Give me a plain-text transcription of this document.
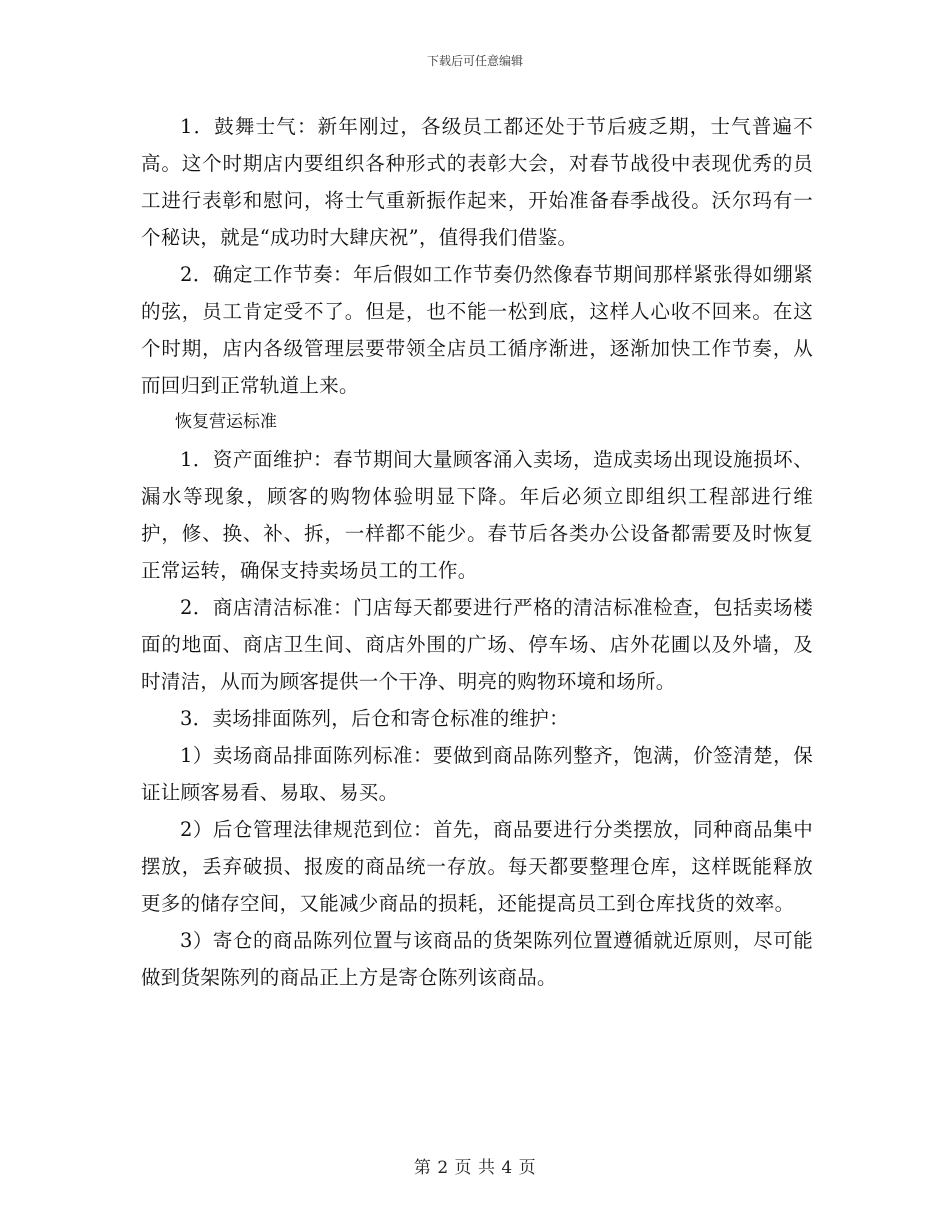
下载后可任意编辑

1．鼓舞士气：新年刚过，各级员工都还处于节后疲乏期，士气普遍不高。这个时期店内要组织各种形式的表彰大会，对春节战役中表现优秀的员工进行表彰和慰问，将士气重新振作起来，开始准备春季战役。沃尔玛有一个秘诀，就是“成功时大肆庆祝”，值得我们借鉴。

2．确定工作节奏：年后假如工作节奏仍然像春节期间那样紧张得如绷紧的弦，员工肯定受不了。但是，也不能一松到底，这样人心收不回来。在这个时期，店内各级管理层要带领全店员工循序渐进，逐渐加快工作节奏，从而回归到正常轨道上来。

恢复营运标准

1．资产面维护：春节期间大量顾客涌入卖场，造成卖场出现设施损坏、漏水等现象，顾客的购物体验明显下降。年后必须立即组织工程部进行维护，修、换、补、拆，一样都不能少。春节后各类办公设备都需要及时恢复正常运转，确保支持卖场员工的工作。

2．商店清洁标准：门店每天都要进行严格的清洁标准检查，包括卖场楼面的地面、商店卫生间、商店外围的广场、停车场、店外花圃以及外墙，及时清洁，从而为顾客提供一个干净、明亮的购物环境和场所。

3．卖场排面陈列，后仓和寄仓标准的维护：

1）卖场商品排面陈列标准：要做到商品陈列整齐，饱满，价签清楚，保证让顾客易看、易取、易买。

2）后仓管理法律规范到位：首先，商品要进行分类摆放，同种商品集中摆放，丢弃破损、报废的商品统一存放。每天都要整理仓库，这样既能释放更多的储存空间，又能减少商品的损耗，还能提高员工到仓库找货的效率。

3）寄仓的商品陈列位置与该商品的货架陈列位置遵循就近原则，尽可能做到货架陈列的商品正上方是寄仓陈列该商品。

第 2 页 共 4 页
